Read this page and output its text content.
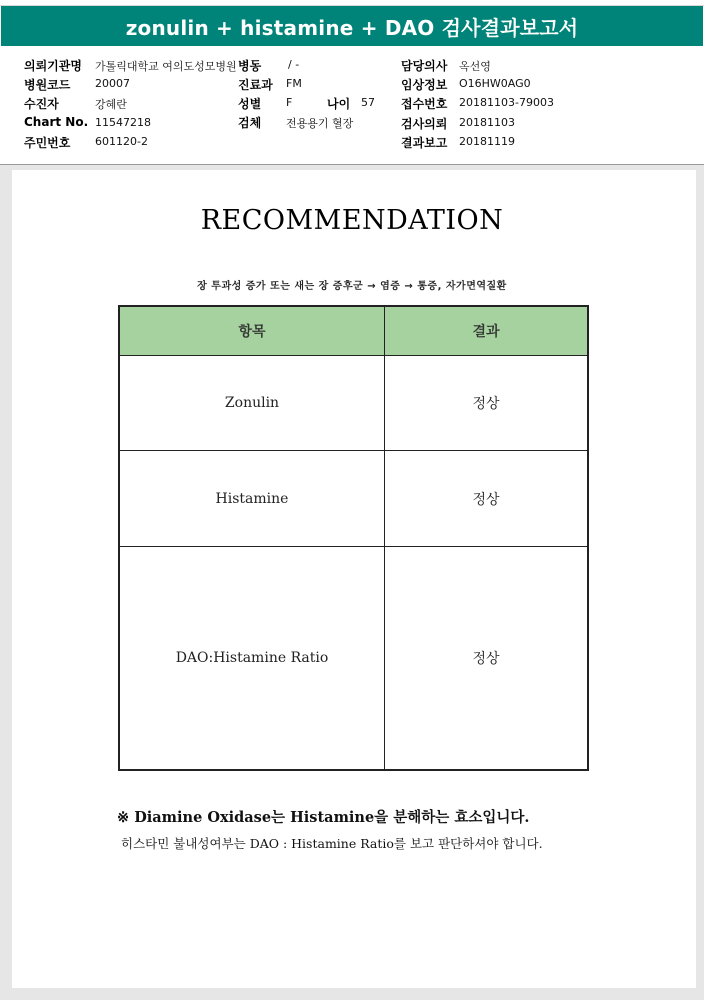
zonulin + histamine + DAO 검사결과보고서
의뢰기관명 가톨릭대학교 여의도성모병원
병원코드 20007
수진자	강혜란
Chart No. 11547218
주민번호 601120-2
병동 / -
진료과 FM
성별 F	나이 57
검체 전용용기 혈장
담당의사 옥선영
임상정보 O16HW0AG0
접수번호 20181103-79003
검사의뢰 20181103
결과보고 20181119
RECOMMENDATION
장 투과성 증가 또는 새는 장 증후군 → 염증 → 통증, 자가면역질환
항목	결과
Zonulin	정상
Histamine	정상
DAO:Histamine Ratio	정상
※ Diamine Oxidase는 Histamine을 분해하는 효소입니다.
히스타민 불내성여부는 DAO : Histamine Ratio를 보고 판단하셔야 합니다.
